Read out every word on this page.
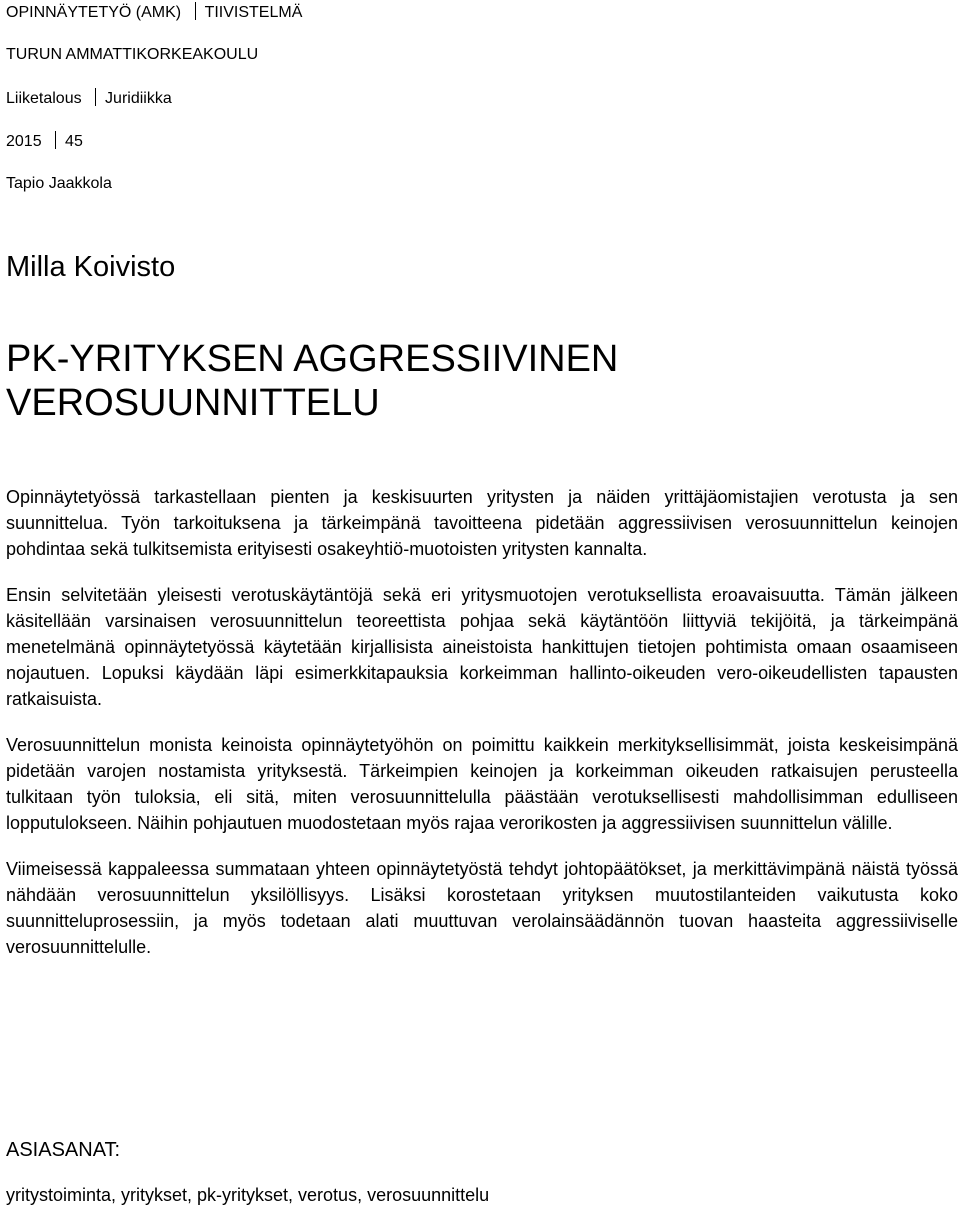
OPINNÄYTETYÖ (AMK) TIIVISTELMÄ
TURUN AMMATTIKORKEAKOULU
Liiketalous Juridiikka
2015 45
Tapio Jaakkola
Milla Koivisto
PK-YRITYKSEN AGGRESSIIVINEN
VEROSUUNNITTELU

Opinnäytetyössä tarkastellaan pienten ja keskisuurten yritysten ja näiden yrittäjäomistajien verotusta ja sen suunnittelua. Työn tarkoituksena ja tärkeimpänä tavoitteena pidetään aggressiivisen verosuunnittelun keinojen pohdintaa sekä tulkitsemista erityisesti osakeyhtiö-muotoisten yritysten kannalta.

Ensin selvitetään yleisesti verotuskäytäntöjä sekä eri yritysmuotojen verotuksellista eroavaisuutta. Tämän jälkeen käsitellään varsinaisen verosuunnittelun teoreettista pohjaa sekä käytäntöön liittyviä tekijöitä, ja tärkeimpänä menetelmänä opinnäytetyössä käytetään kirjallisista aineistoista hankittujen tietojen pohtimista omaan osaamiseen nojautuen. Lopuksi käydään läpi esimerkkitapauksia korkeimman hallinto-oikeuden vero-oikeudellisten tapausten ratkaisuista.

Verosuunnittelun monista keinoista opinnäytetyöhön on poimittu kaikkein merkityksellisimmät, joista keskeisimpänä pidetään varojen nostamista yrityksestä. Tärkeimpien keinojen ja korkeimman oikeuden ratkaisujen perusteella tulkitaan työn tuloksia, eli sitä, miten verosuunnittelulla päästään verotuksellisesti mahdollisimman edulliseen lopputulokseen. Näihin pohjautuen muodostetaan myös rajaa verorikosten ja aggressiivisen suunnittelun välille.

Viimeisessä kappaleessa summataan yhteen opinnäytetyöstä tehdyt johtopäätökset, ja merkittävimpänä näistä työssä nähdään verosuunnittelun yksilöllisyys. Lisäksi korostetaan yrityksen muutostilanteiden vaikutusta koko suunnitteluprosessiin, ja myös todetaan alati muuttuvan verolainsäädännön tuovan haasteita aggressiiviselle verosuunnittelulle.

ASIASANAT:
yritystoiminta, yritykset, pk-yritykset, verotus, verosuunnittelu
